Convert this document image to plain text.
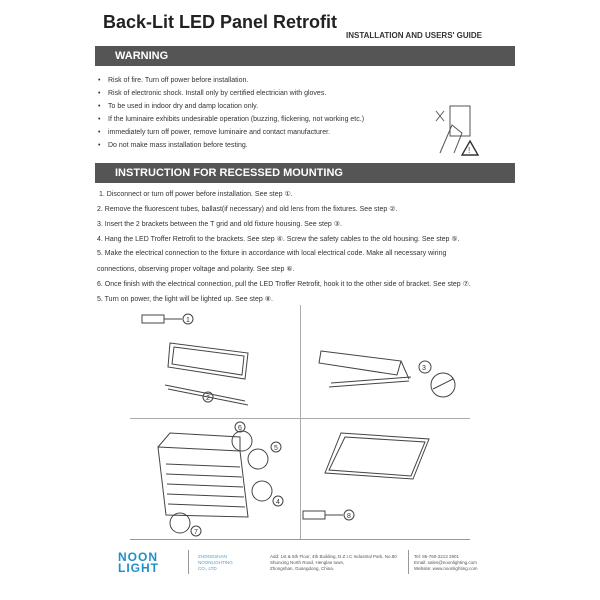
Back-Lit LED Panel Retrofit
INSTALLATION AND USERS' GUIDE
WARNING
• Risk of fire. Turn off power before installation.
• Risk of electronic shock. Install only by certified electrician with gloves.
• To be used in indoor dry and damp location only.
• If the luminaire exhibits undesirable operation (buzzing, flickering, not working etc.)
• immediately turn off power, remove luminaire and contact manufacturer.
• Do not make mass installation before testing.
!
INSTRUCTION FOR RECESSED MOUNTING
1. Disconnect or turn off power before installation. See step ①.
2. Remove the fluorescent tubes, ballast(if necessary) and old lens from the fixtures. See step ②.
3. Insert the 2 brackets between the T grid and old fixture housing. See step ③.
4. Hang the LED Troffer Retrofit to the brackets. See step ④. Screw the safety cables to the old housing. See step ⑤.
5. Make the electrical connection to the fixture in accordance with local electrical code. Make all necessary wiring
connections, observing proper voltage and polarity. See step ⑥.
6. Once finish with the electrical connection, pull the LED Troffer Retrofit, hook it to the other side of bracket. See step ⑦.
5. Turn on power, the light will be lighted up. See step ⑧.
1
2
3
6
5
4
7
8
NOON
LIGHT
ZHONGSHAN
NOONLIGHTING
CO., LTD
Add: 1st & 5th Floor, 4th Building, D.Z.I.C Industrial Park, No.80
Shunxing North Road, Henglan town,
Zhongshan, Guangdong, China.
Tel: 86-760-2213 2901
Email: sales@noonlighting.com
Website: www.noonlighting.com
